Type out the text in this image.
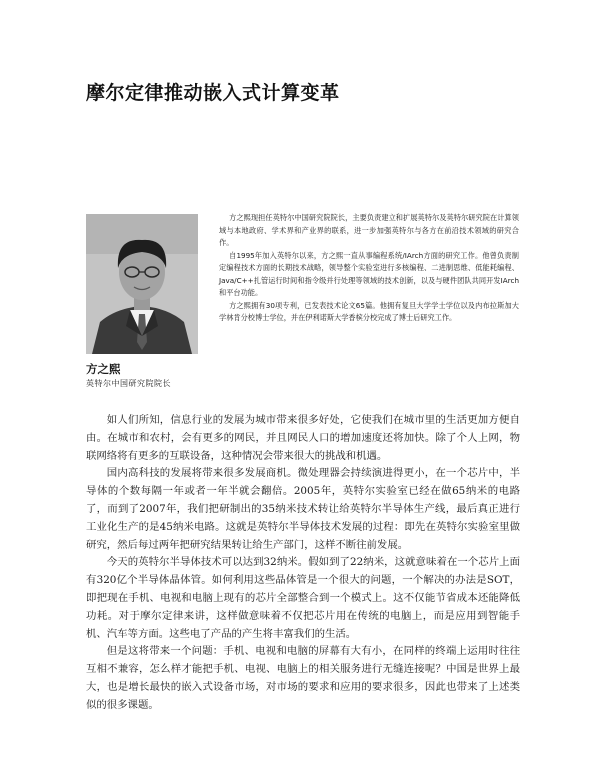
摩尔定律推动嵌入式计算变革
方之熙
英特尔中国研究院院长

方之熙现担任英特尔中国研究院院长，主要负责建立和扩展英特尔及英特尔研究院在计算领域与本地政府、学术界和产业界的联系，进一步加强英特尔与各方在前沿技术领域的研究合作。

自1995年加入英特尔以来，方之熙一直从事编程系统/IArch方面的研究工作。他曾负责制定编程技术方面的长期技术战略，领导整个实验室进行多核编程、二进制思维、低能耗编程、Java/C++扎管运行时间和指令级并行处理等领域的技术创新，以及与硬件团队共同开发IArch和平台功能。

方之熙拥有30项专利，已发表技术论文65篇。他拥有复旦大学学士学位以及内布拉斯加大学林肯分校博士学位，并在伊利诺斯大学香槟分校完成了博士后研究工作。

如人们所知，信息行业的发展为城市带来很多好处，它使我们在城市里的生活更加方便自由。在城市和农村，会有更多的网民，并且网民人口的增加速度还将加快。除了个人上网，物联网络将有更多的互联设备，这种情况会带来很大的挑战和机遇。

国内高科技的发展将带来很多发展商机。微处理器会持续演进得更小，在一个芯片中，半导体的个数每隔一年或者一年半就会翻倍。2005年，英特尔实验室已经在做65纳米的电路了，而到了2007年，我们把研制出的35纳米技术转让给英特尔半导体生产线，最后真正进行工业化生产的是45纳米电路。这就是英特尔半导体技术发展的过程：即先在英特尔实验室里做研究，然后每过两年把研究结果转让给生产部门，这样不断往前发展。

今天的英特尔半导体技术可以达到32纳米。假如到了22纳米，这就意味着在一个芯片上面有320亿个半导体晶体管。如何利用这些晶体管是一个很大的问题，一个解决的办法是SOT，即把现在手机、电视和电脑上现有的芯片全部整合到一个模式上。这不仅能节省成本还能降低功耗。对于摩尔定律来讲，这样做意味着不仅把芯片用在传统的电脑上，而是应用到智能手机、汽车等方面。这些电了产品的产生将丰富我们的生活。

但是这将带来一个问题：手机、电视和电脑的屏幕有大有小，在同样的终端上运用时往往互相不兼容，怎么样才能把手机、电视、电脑上的相关服务进行无缝连接呢？中国是世界上最大，也是增长最快的嵌入式设备市场，对市场的要求和应用的要求很多，因此也带来了上述类似的很多课题。
